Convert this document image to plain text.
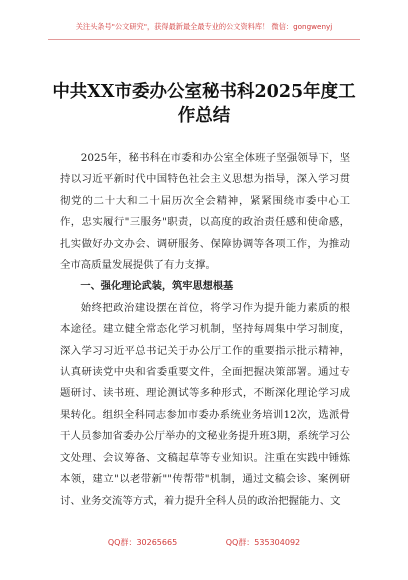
关注头条号"公文研究"，获得最新最全最专业的公文资料库！ 微信：gongwenyj
中共XX市委办公室秘书科2025年度工作总结

2025年，秘书科在市委和办公室全体班子坚强领导下，坚持以习近平新时代中国特色社会主义思想为指导，深入学习贯彻党的二十大和二十届历次全会精神，紧紧围绕市委中心工作，忠实履行"三服务"职责，以高度的政治责任感和使命感，扎实做好办文办会、调研服务、保障协调等各项工作，为推动全市高质量发展提供了有力支撑。

一、强化理论武装，筑牢思想根基

始终把政治建设摆在首位，将学习作为提升能力素质的根本途径。建立健全常态化学习机制，坚持每周集中学习制度，深入学习习近平总书记关于办公厅工作的重要指示批示精神，认真研读党中央和省委重要文件，全面把握决策部署。通过专题研讨、读书班、理论测试等多种形式，不断深化理论学习成果转化。组织全科同志参加市委办系统业务培训12次，选派骨干人员参加省委办公厅举办的文秘业务提升班3期，系统学习公文处理、会议筹备、文稿起草等专业知识。注重在实践中锤炼本领，建立"以老带新""传帮带"机制，通过文稿会诊、案例研讨、业务交流等方式，着力提升全科人员的政治把握能力、文

QQ群：30265665	QQ群：535304092
